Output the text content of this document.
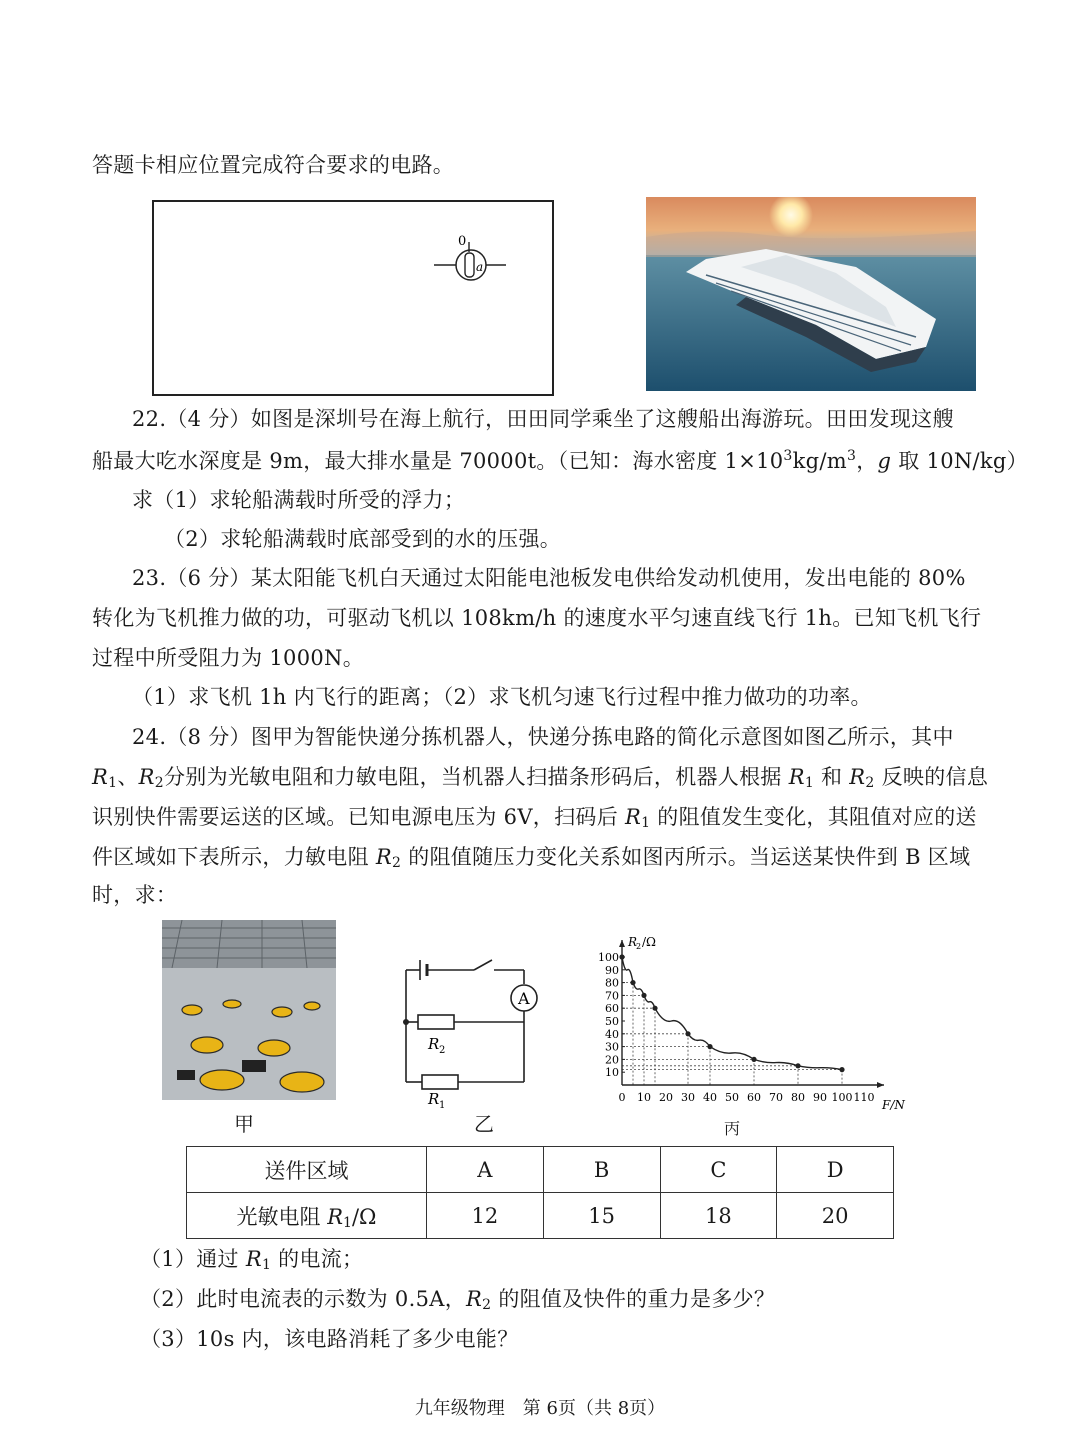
答题卡相应位置完成符合要求的电路。
0
a
22.（4 分）如图是深圳号在海上航行，田田同学乘坐了这艘船出海游玩。田田发现这艘
船最大吃水深度是 9m，最大排水量是 70000t。（已知：海水密度 $1\times 10^3kg/m^3$，g 取 10N/kg）
求（1）求轮船满载时所受的浮力；
（2）求轮船满载时底部受到的水的压强。
23.（6 分）某太阳能飞机白天通过太阳能电池板发电供给发动机使用，发出电能的 80%
转化为飞机推力做的功，可驱动飞机以 108km/h 的速度水平匀速直线飞行 1h。已知飞机飞行
过程中所受阻力为 1000N。
（1）求飞机 1h 内飞行的距离；（2）求飞机匀速飞行过程中推力做功的功率。
24.（8 分）图甲为智能快递分拣机器人，快递分拣电路的简化示意图如图乙所示，其中
$R_1$、$R_2$分别为光敏电阻和力敏电阻，当机器人扫描条形码后，机器人根据 $R_1$ 和 $R_2$ 反映的信息
识别快件需要运送的区域。已知电源电压为 6V，扫码后 $R_1$ 的阻值发生变化，其阻值对应的送
件区域如下表所示，力敏电阻 $R_2$ 的阻值随压力变化关系如图丙所示。当运送某快件到 B 区域
时，求：
甲
A
R 2
R 1
乙
R
2 /Ω
F/N
0 10 20 30 40 50 60 70 80 90 100 110
10
20
30
40
50
60
70
80
90
100
丙
送件区域	A	B	C	D
光敏电阻 $R_1/\Omega$	12	15	18	20
（1）通过 $R_1$ 的电流；
（2）此时电流表的示数为 0.5A，$R_2$ 的阻值及快件的重力是多少？
（3）10s 内，该电路消耗了多少电能？
九年级物理　第 6页（共 8页）
